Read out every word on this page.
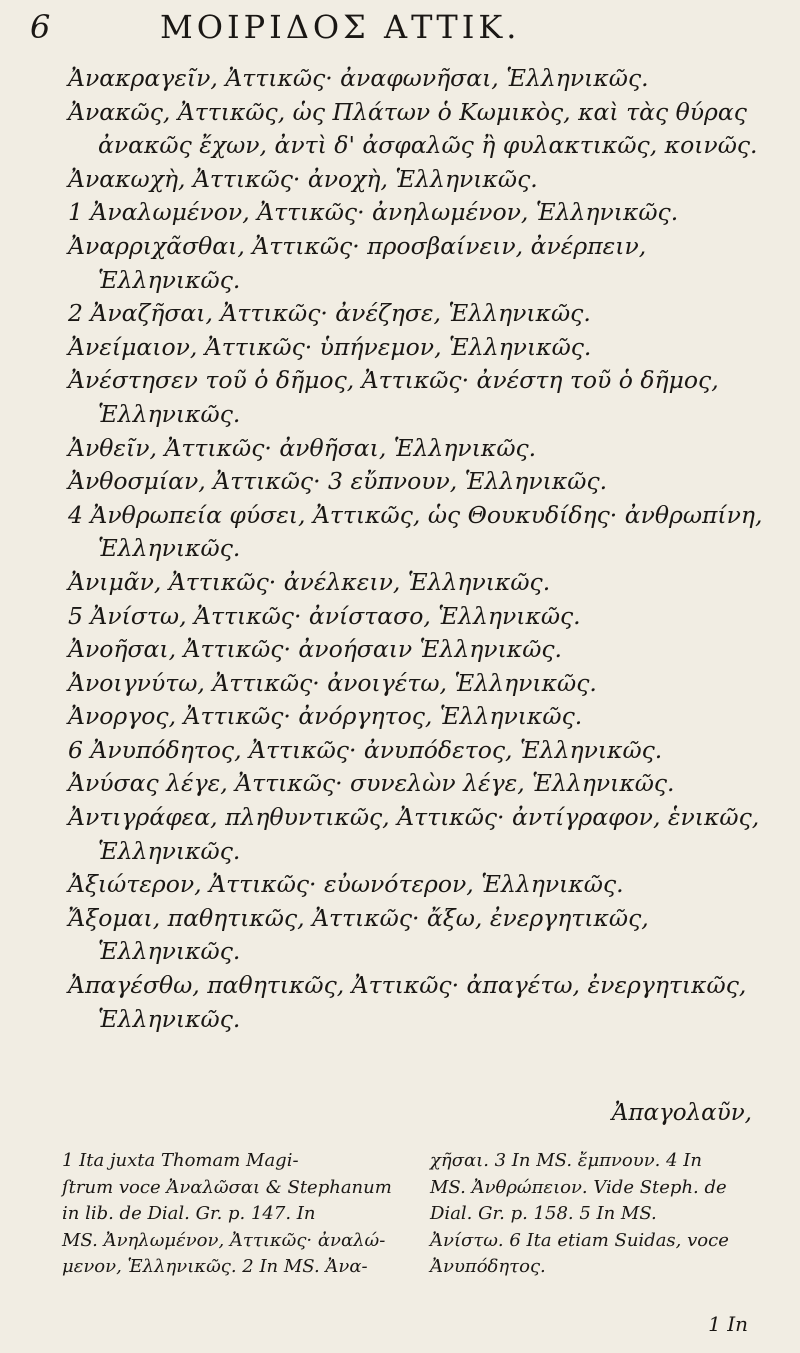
6	ΜΟΙΡΙΔΟΣ ΑΤΤΙΚ.

Ἀνακραγεῖν, Ἀττικῶς· ἀναφωνῆσαι, Ἑλληνικῶς.

Ἀνακῶς, Ἀττικῶς, ὡς Πλάτων ὁ Κωμικὸς, καὶ τὰς θύρας ἀνακῶς ἔχων, ἀντὶ δ' ἀσφαλῶς ἢ φυλακτικῶς, κοινῶς.

Ἀνακωχὴ, Ἀττικῶς· ἀνοχὴ, Ἑλληνικῶς.

1 Ἀναλωμένον, Ἀττικῶς· ἀνηλωμένον, Ἑλληνικῶς.

Ἀναρριχᾶσθαι, Ἀττικῶς· προσβαίνειν, ἀνέρπειν, Ἑλληνικῶς.

2 Ἀναζῆσαι, Ἀττικῶς· ἀνέζησε, Ἑλληνικῶς.

Ἀνείμαιον, Ἀττικῶς· ὑπήνεμον, Ἑλληνικῶς.

Ἀνέστησεν τοῦ ὁ δῆμος, Ἀττικῶς· ἀνέστη τοῦ ὁ δῆμος, Ἑλληνικῶς.

Ἀνθεῖν, Ἀττικῶς· ἀνθῆσαι, Ἑλληνικῶς.

Ἀνθοσμίαν, Ἀττικῶς· 3 εὔπνουν, Ἑλληνικῶς.

4 Ἀνθρωπεία φύσει, Ἀττικῶς, ὡς Θουκυδίδης· ἀνθρωπίνη, Ἑλληνικῶς.

Ἀνιμᾶν, Ἀττικῶς· ἀνέλκειν, Ἑλληνικῶς.

5 Ἀνίστω, Ἀττικῶς· ἀνίστασο, Ἑλληνικῶς.

Ἀνοῆσαι, Ἀττικῶς· ἀνοήσαιν Ἑλληνικῶς.

Ἀνοιγνύτω, Ἀττικῶς· ἀνοιγέτω, Ἑλληνικῶς.

Ἀνοργος, Ἀττικῶς· ἀνόργητος, Ἑλληνικῶς.

6 Ἀνυπόδητος, Ἀττικῶς· ἀνυπόδετος, Ἑλληνικῶς.

Ἀνύσας λέγε, Ἀττικῶς· συνελὼν λέγε, Ἑλληνικῶς.

Ἀντιγράφεα, πληθυντικῶς, Ἀττικῶς· ἀντίγραφον, ἑνικῶς, Ἑλληνικῶς.

Ἀξιώτερον, Ἀττικῶς· εὐωνότερον, Ἑλληνικῶς.

Ἄξομαι, παθητικῶς, Ἀττικῶς· ἄξω, ἐνεργητικῶς, Ἑλληνικῶς.

Ἀπαγέσθω, παθητικῶς, Ἀττικῶς· ἀπαγέτω, ἐνεργητικῶς, Ἑλληνικῶς.

Ἀπαγολαῦν,

1 Ita juxta Thomam Magi-

ſtrum voce Ἀναλῶσαι & Stephanum

in lib. de Dial. Gr. p. 147. In

MS. Ἀνηλωμένον, Ἀττικῶς· ἀναλώ-

μενον, Ἑλληνικῶς. 2 In MS. Ἀνα-

χῆσαι. 3 In MS. ἔμπνουν. 4 In

MS. Ἀνθρώπειον. Vide Steph. de

Dial. Gr. p. 158. 5 In MS.

Ἀνίστω. 6 Ita etiam Suidas, voce

Ἀνυπόδητος.

1 In
